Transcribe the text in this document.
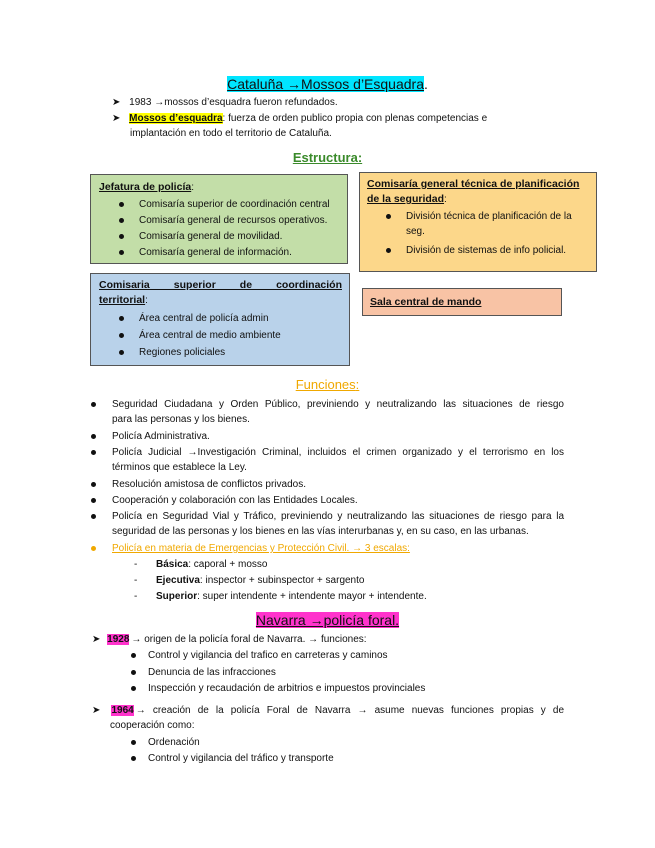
Cataluña →Mossos d’Esquadra.
➤ 1983 →mossos d’esquadra fueron refundados.
➤ Mossos d’esquadra: fuerza de orden publico propia con plenas competencias e
implantación en todo el territorio de Cataluña.
Estructura:
Jefatura de policía:
Comisaría superior de coordinación central
Comisaría general de recursos operativos.
Comisaría general de movilidad.
Comisaría general de información.
Comisaría general técnica de planificación
de la seguridad:
División técnica de planificación de la
seg.
División de sistemas de info policial.
Comisaria superior de coordinación
territorial:
Área central de policía admin
Área central de medio ambiente
Regiones policiales
Sala central de mando
Funciones:
Seguridad Ciudadana y Orden Público, previniendo y neutralizando las situaciones de riesgo
para las personas y los bienes.
Policía Administrativa.
Policía Judicial →Investigación Criminal, incluidos el crimen organizado y el terrorismo en los
términos que establece la Ley.
Resolución amistosa de conflictos privados.
Cooperación y colaboración con las Entidades Locales.
Policía en Seguridad Vial y Tráfico, previniendo y neutralizando las situaciones de riesgo para la
seguridad de las personas y los bienes en las vías interurbanas y, en su caso, en las urbanas.
Policía en materia de Emergencias y Protección Civil. → 3 escalas:
- Básica: caporal + mosso
- Ejecutiva: inspector + subinspector + sargento
- Superior: super intendente + intendente mayor + intendente.
Navarra →policía foral.
➤ 1928 → origen de la policía foral de Navarra. → funciones:
Control y vigilancia del trafico en carreteras y caminos
Denuncia de las infracciones
Inspección y recaudación de arbitrios e impuestos provinciales
➤ 1964 → creación de la policía Foral de Navarra → asume nuevas funciones propias y de
cooperación como:
Ordenación
Control y vigilancia del tráfico y transporte
